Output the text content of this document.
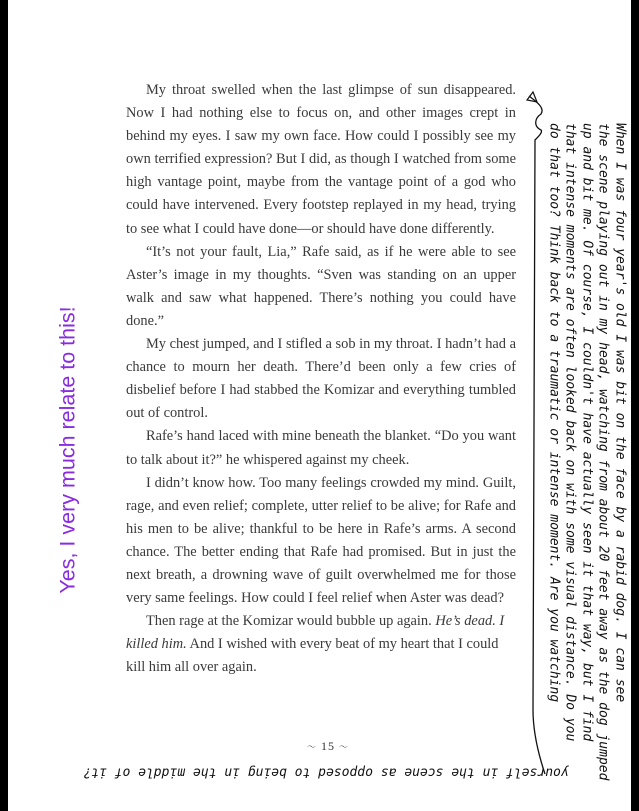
My throat swelled when the last glimpse of sun disappeared. Now I had nothing else to focus on, and other images crept in behind my eyes. I saw my own face. How could I possibly see my own terrified expression? But I did, as though I watched from some high vantage point, maybe from the vantage point of a god who could have intervened. Every footstep replayed in my head, trying to see what I could have done—or should have done differently.

“It’s not your fault, Lia,” Rafe said, as if he were able to see Aster’s image in my thoughts. “Sven was standing on an upper walk and saw what happened. There’s nothing you could have done.”

My chest jumped, and I stifled a sob in my throat. I hadn’t had a chance to mourn her death. There’d been only a few cries of disbelief before I had stabbed the Komizar and everything tumbled out of control.

Rafe’s hand laced with mine beneath the blanket. “Do you want to talk about it?” he whispered against my cheek.

I didn’t know how. Too many feelings crowded my mind. Guilt, rage, and even relief; complete, utter relief to be alive; for Rafe and his men to be alive; thankful to be here in Rafe’s arms. A second chance. The better ending that Rafe had promised. But in just the next breath, a drowning wave of guilt overwhelmed me for those very same feelings. How could I feel relief when Aster was dead?

Then rage at the Komizar would bubble up again. He’s dead. I killed him. And I wished with every beat of my heart that I could kill him all over again.

〜 15 〜
Yes, I very much relate to this!
When I was four year's old I was bit on the face by a rabid dog. I can see
the scene playing out in my head, watching from about 20 feet away as the dog jumped
up and bit me. Of course, I couldn't have actually seen it that way, but I find
that intense moments are often looked back on with some visual distance. Do you
do that too? Think back to a traumatic or intense moment. Are you watching
yourself in the scene as opposed to being in the middle of it?
